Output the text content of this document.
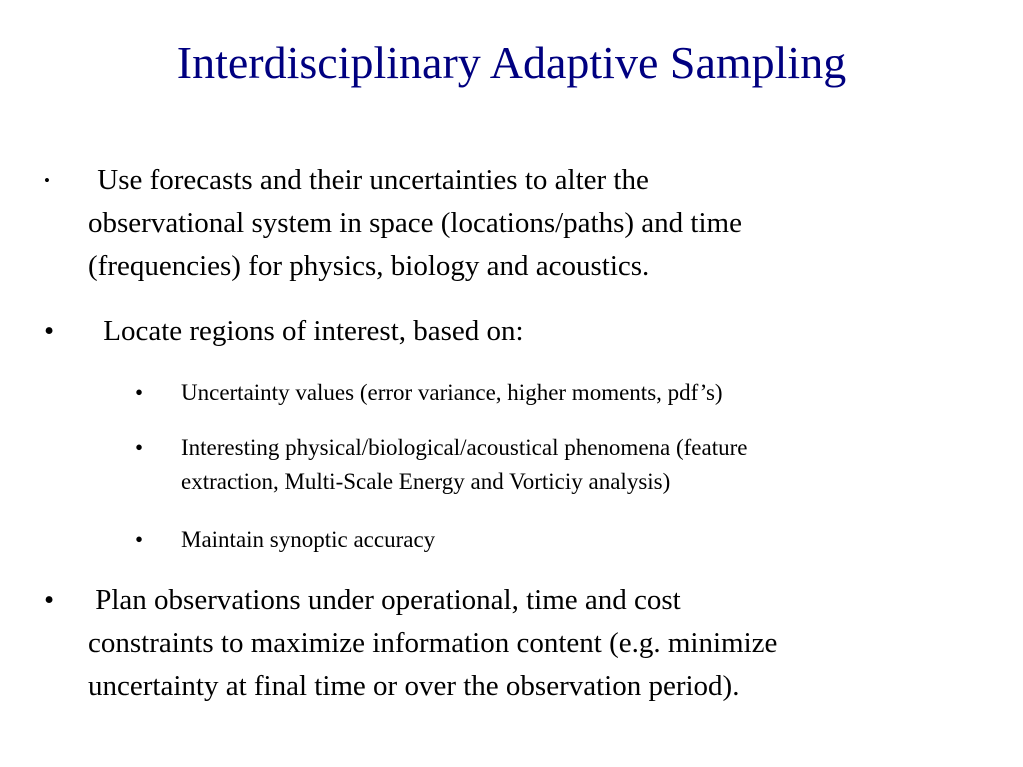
Interdisciplinary Adaptive Sampling
• Use forecasts and their uncertainties to alter the
observational system in space (locations/paths) and time
(frequencies) for physics, biology and acoustics.
• Locate regions of interest, based on:
• Uncertainty values (error variance, higher moments, pdf’s)
• Interesting physical/biological/acoustical phenomena (feature
extraction, Multi-Scale Energy and Vorticiy analysis)
• Maintain synoptic accuracy
• Plan observations under operational, time and cost
constraints to maximize information content (e.g. minimize
uncertainty at final time or over the observation period).
